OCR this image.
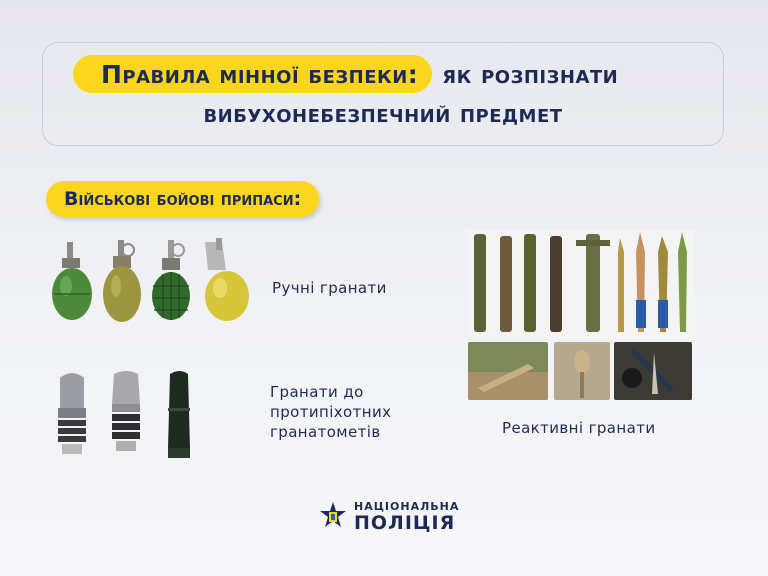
Правила мінної безпеки: як розпізнати
вибухонебезпечний предмет
Військові бойові припаси:
Ручні гранати
Гранати до
протипіхотних
гранатометів	Реактивні гранати
НАЦІОНАЛЬНА
ПОЛІЦІЯ
